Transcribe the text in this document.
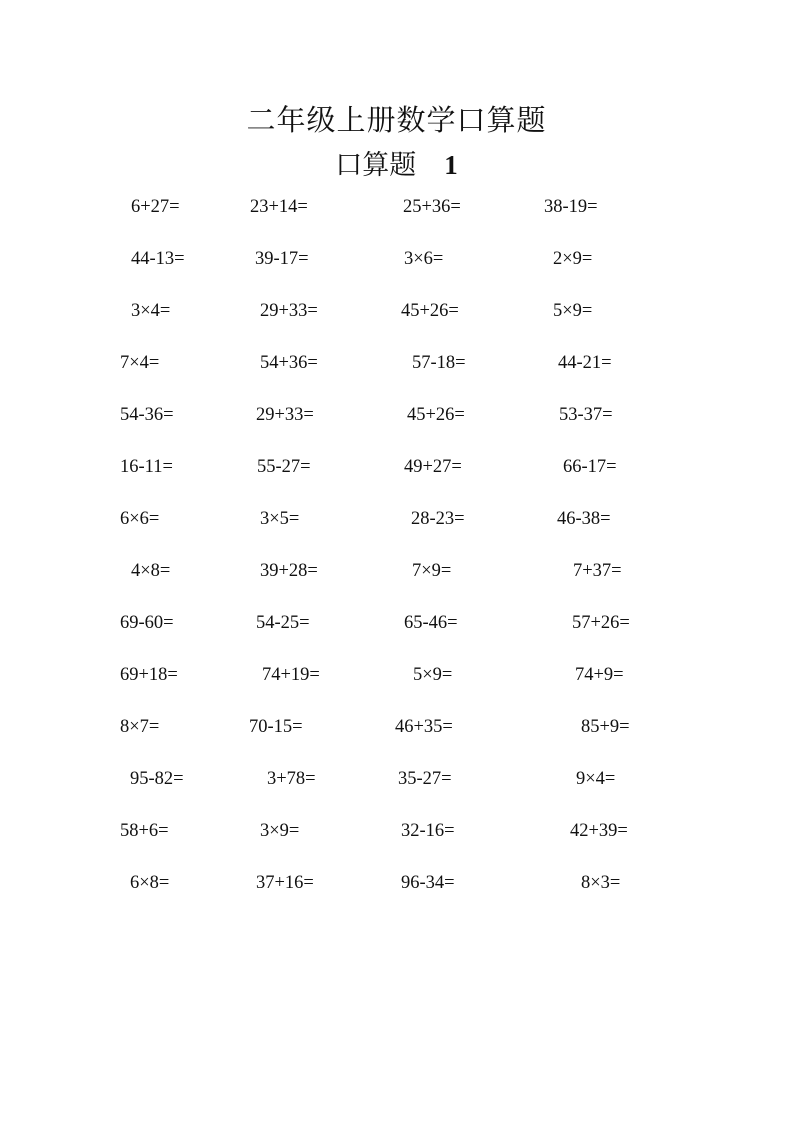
二年级上册数学口算题
口算题 1
6+27=	23+14=	25+36=	38-19=
44-13=	39-17=	3×6=	2×9=
3×4=	29+33=	45+26=	5×9=
7×4=	54+36=	57-18=	44-21=
54-36=	29+33=	45+26=	53-37=
16-11=	55-27=	49+27=	66-17=
6×6=	3×5=	28-23=	46-38=
4×8=	39+28=	7×9=	7+37=
69-60=	54-25=	65-46=	57+26=
69+18=	74+19=	5×9=	74+9=
8×7=	70-15=	46+35=	85+9=
95-82=	3+78=	35-27=	9×4=
58+6=	3×9=	32-16=	42+39=
6×8=	37+16=	96-34=	8×3=
